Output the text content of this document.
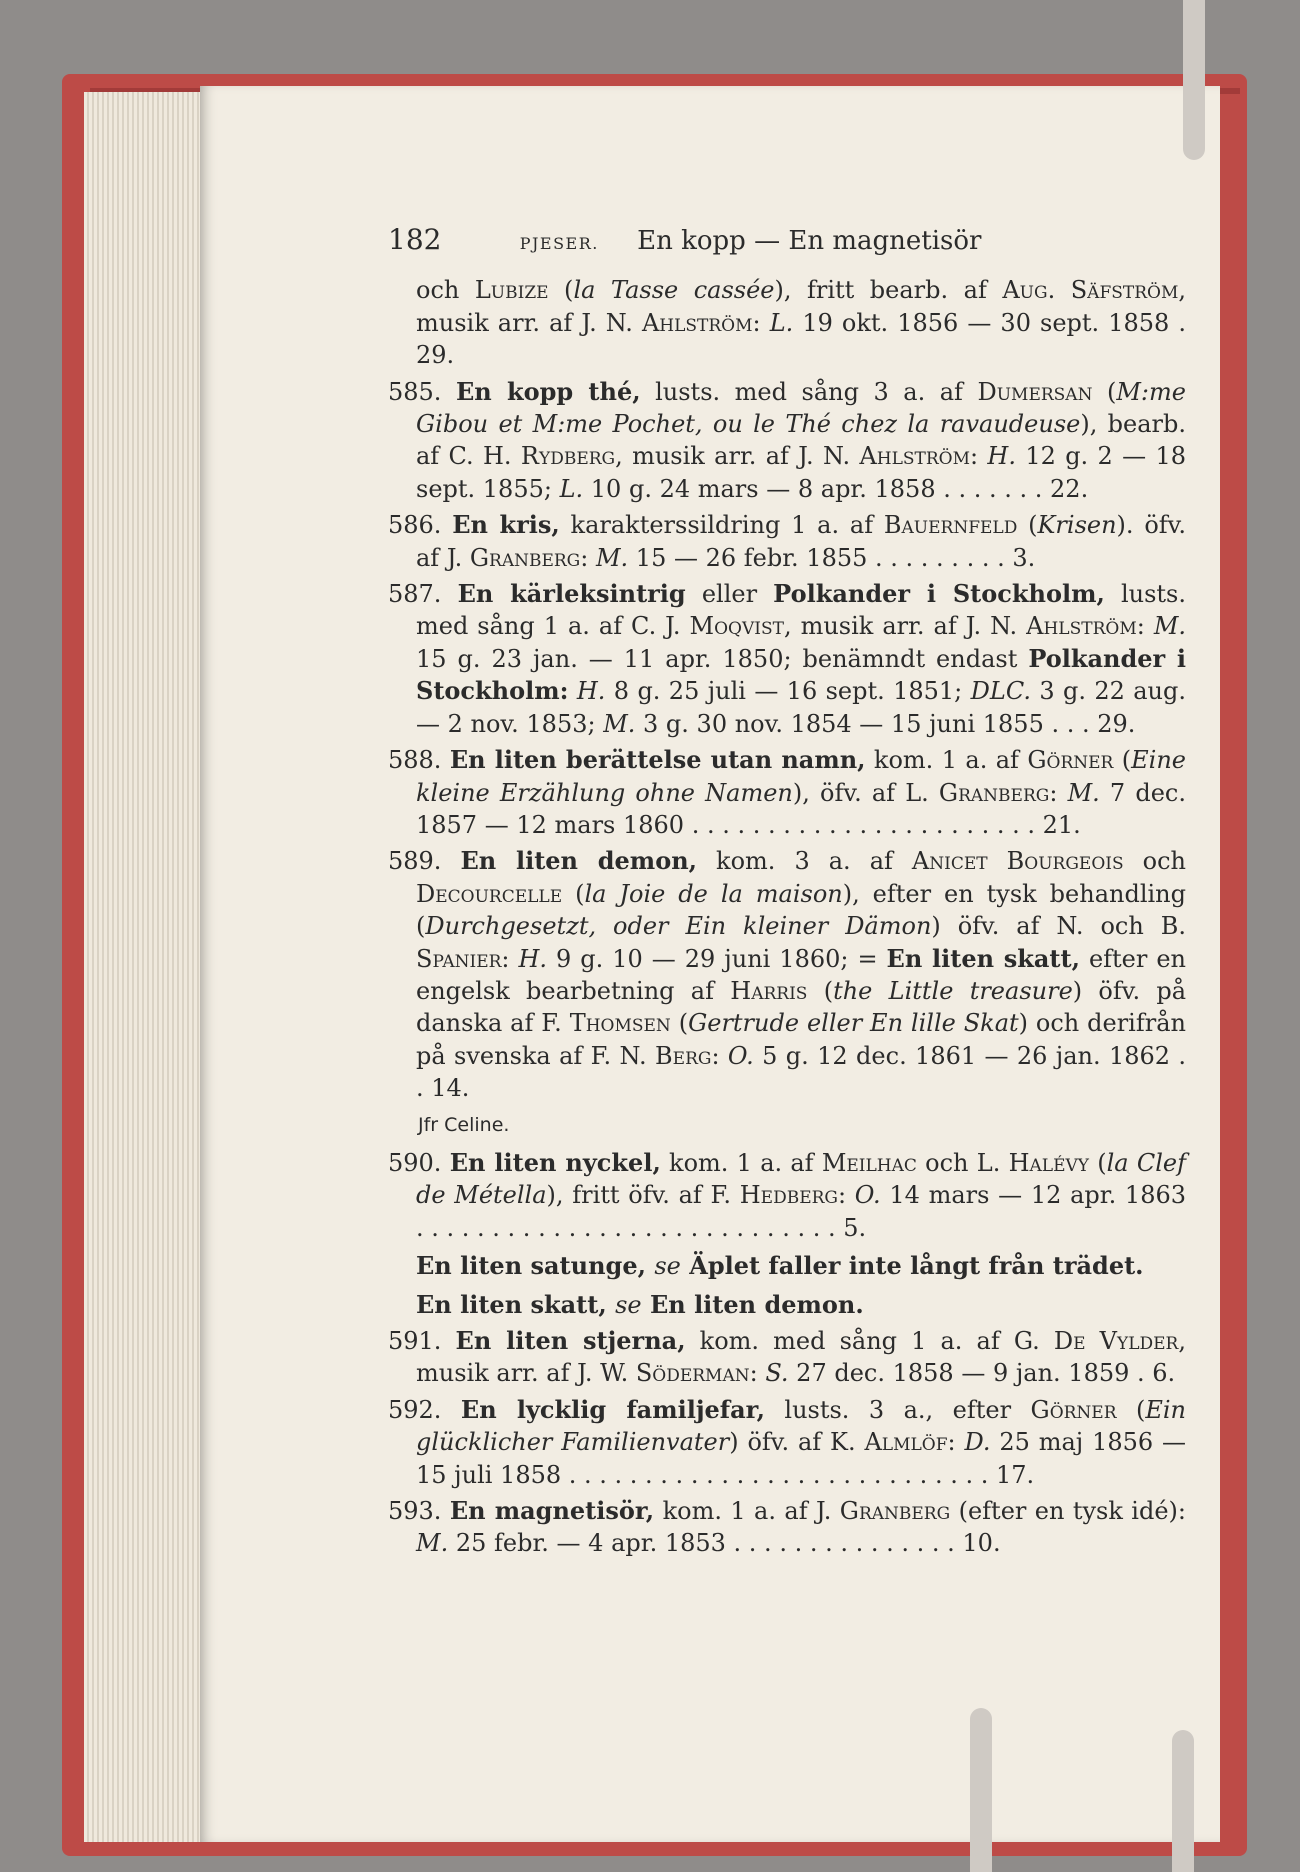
182	PJESER. En kopp — En magnetisör

och Lubize (la Tasse cassée), fritt bearb. af Aug. Säfström, musik arr. af J. N. Ahlström: L. 19 okt. 1856 — 30 sept. 1858 . 29.

585. En kopp thé, lusts. med sång 3 a. af Dumersan (M:me Gibou et M:me Pochet, ou le Thé chez la ravaudeuse), bearb. af C. H. Rydberg, musik arr. af J. N. Ahlström: H. 12 g. 2 — 18 sept. 1855; L. 10 g. 24 mars — 8 apr. 1858 . . . . . . . 22.

586. En kris, karakterssildring 1 a. af Bauernfeld (Krisen). öfv. af J. Granberg: M. 15 — 26 febr. 1855 . . . . . . . . . 3.

587. En kärleksintrig eller Polkander i Stockholm, lusts. med sång 1 a. af C. J. Moqvist, musik arr. af J. N. Ahlström: M. 15 g. 23 jan. — 11 apr. 1850; benämndt endast Polkander i Stockholm: H. 8 g. 25 juli — 16 sept. 1851; DLC. 3 g. 22 aug. — 2 nov. 1853; M. 3 g. 30 nov. 1854 — 15 juni 1855 . . . 29.

588. En liten berättelse utan namn, kom. 1 a. af Görner (Eine kleine Erzählung ohne Namen), öfv. af L. Granberg: M. 7 dec. 1857 — 12 mars 1860 . . . . . . . . . . . . . . . . . . . . . . . 21.

589. En liten demon, kom. 3 a. af Anicet Bourgeois och Decourcelle (la Joie de la maison), efter en tysk behandling (Durchgesetzt, oder Ein kleiner Dämon) öfv. af N. och B. Spanier: H. 9 g. 10 — 29 juni 1860; = En liten skatt, efter en engelsk bearbetning af Harris (the Little treasure) öfv. på danska af F. Thomsen (Gertrude eller En lille Skat) och derifrån på svenska af F. N. Berg: O. 5 g. 12 dec. 1861 — 26 jan. 1862 . . 14.

Jfr Celine.

590. En liten nyckel, kom. 1 a. af Meilhac och L. Halévy (la Clef de Métella), fritt öfv. af F. Hedberg: O. 14 mars — 12 apr. 1863 . . . . . . . . . . . . . . . . . . . . . . . . . . . . 5.

En liten satunge, se Äplet faller inte långt från trädet.

En liten skatt, se En liten demon.

591. En liten stjerna, kom. med sång 1 a. af G. De Vylder, musik arr. af J. W. Söderman: S. 27 dec. 1858 — 9 jan. 1859 . 6.

592. En lycklig familjefar, lusts. 3 a., efter Görner (Ein glücklicher Familienvater) öfv. af K. Almlöf: D. 25 maj 1856 — 15 juli 1858 . . . . . . . . . . . . . . . . . . . . . . . . . . . . 17.

593. En magnetisör, kom. 1 a. af J. Granberg (efter en tysk idé): M. 25 febr. — 4 apr. 1853 . . . . . . . . . . . . . . . 10.
